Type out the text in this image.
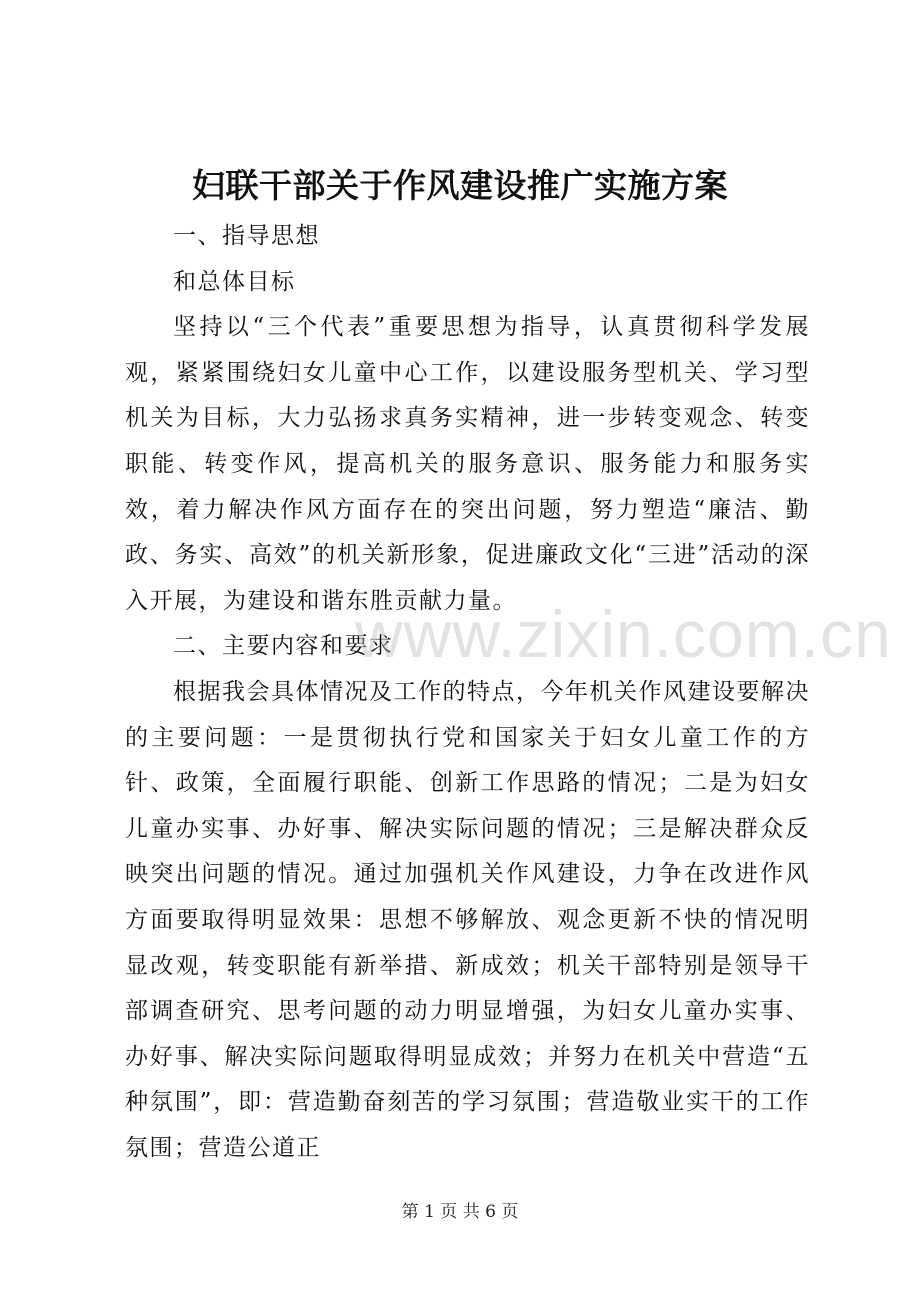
妇联干部关于作风建设推广实施方案

一、指导思想

和总体目标

坚持以“三个代表”重要思想为指导，认真贯彻科学发展观，紧紧围绕妇女儿童中心工作，以建设服务型机关、学习型机关为目标，大力弘扬求真务实精神，进一步转变观念、转变职能、转变作风，提高机关的服务意识、服务能力和服务实效，着力解决作风方面存在的突出问题，努力塑造“廉洁、勤政、务实、高效”的机关新形象，促进廉政文化“三进”活动的深入开展，为建设和谐东胜贡献力量。

二、主要内容和要求

根据我会具体情况及工作的特点，今年机关作风建设要解决的主要问题：一是贯彻执行党和国家关于妇女儿童工作的方针、政策，全面履行职能、创新工作思路的情况；二是为妇女儿童办实事、办好事、解决实际问题的情况；三是解决群众反映突出问题的情况。通过加强机关作风建设，力争在改进作风方面要取得明显效果：思想不够解放、观念更新不快的情况明显改观，转变职能有新举措、新成效；机关干部特别是领导干部调查研究、思考问题的动力明显增强，为妇女儿童办实事、办好事、解决实际问题取得明显成效；并努力在机关中营造“五种氛围”，即：营造勤奋刻苦的学习氛围；营造敬业实干的工作氛围；营造公道正

www.zixin.com.cn
第 1 页 共 6 页
